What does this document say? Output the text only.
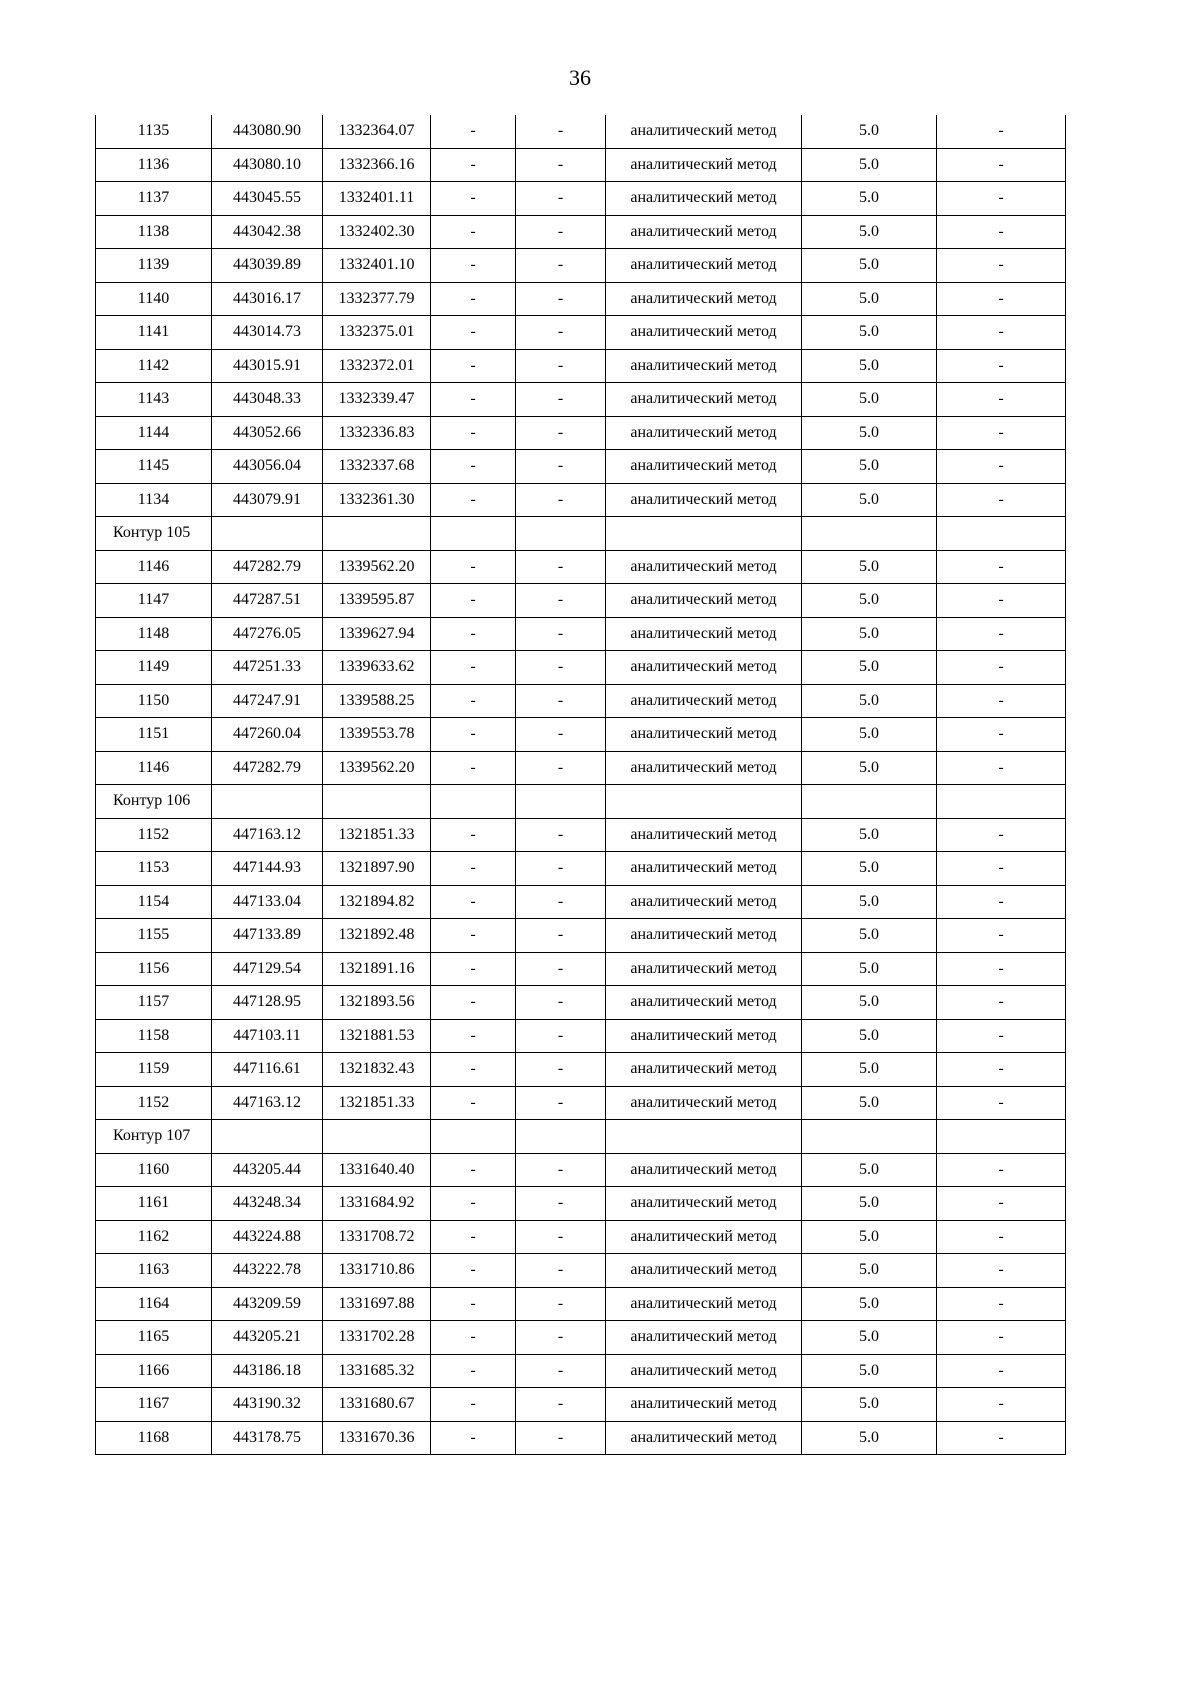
36
1135	443080.90	1332364.07	-	-	аналитический метод	5.0	-
1136	443080.10	1332366.16	-	-	аналитический метод	5.0	-
1137	443045.55	1332401.11	-	-	аналитический метод	5.0	-
1138	443042.38	1332402.30	-	-	аналитический метод	5.0	-
1139	443039.89	1332401.10	-	-	аналитический метод	5.0	-
1140	443016.17	1332377.79	-	-	аналитический метод	5.0	-
1141	443014.73	1332375.01	-	-	аналитический метод	5.0	-
1142	443015.91	1332372.01	-	-	аналитический метод	5.0	-
1143	443048.33	1332339.47	-	-	аналитический метод	5.0	-
1144	443052.66	1332336.83	-	-	аналитический метод	5.0	-
1145	443056.04	1332337.68	-	-	аналитический метод	5.0	-
1134	443079.91	1332361.30	-	-	аналитический метод	5.0	-
Контур 105							
1146	447282.79	1339562.20	-	-	аналитический метод	5.0	-
1147	447287.51	1339595.87	-	-	аналитический метод	5.0	-
1148	447276.05	1339627.94	-	-	аналитический метод	5.0	-
1149	447251.33	1339633.62	-	-	аналитический метод	5.0	-
1150	447247.91	1339588.25	-	-	аналитический метод	5.0	-
1151	447260.04	1339553.78	-	-	аналитический метод	5.0	-
1146	447282.79	1339562.20	-	-	аналитический метод	5.0	-
Контур 106							
1152	447163.12	1321851.33	-	-	аналитический метод	5.0	-
1153	447144.93	1321897.90	-	-	аналитический метод	5.0	-
1154	447133.04	1321894.82	-	-	аналитический метод	5.0	-
1155	447133.89	1321892.48	-	-	аналитический метод	5.0	-
1156	447129.54	1321891.16	-	-	аналитический метод	5.0	-
1157	447128.95	1321893.56	-	-	аналитический метод	5.0	-
1158	447103.11	1321881.53	-	-	аналитический метод	5.0	-
1159	447116.61	1321832.43	-	-	аналитический метод	5.0	-
1152	447163.12	1321851.33	-	-	аналитический метод	5.0	-
Контур 107							
1160	443205.44	1331640.40	-	-	аналитический метод	5.0	-
1161	443248.34	1331684.92	-	-	аналитический метод	5.0	-
1162	443224.88	1331708.72	-	-	аналитический метод	5.0	-
1163	443222.78	1331710.86	-	-	аналитический метод	5.0	-
1164	443209.59	1331697.88	-	-	аналитический метод	5.0	-
1165	443205.21	1331702.28	-	-	аналитический метод	5.0	-
1166	443186.18	1331685.32	-	-	аналитический метод	5.0	-
1167	443190.32	1331680.67	-	-	аналитический метод	5.0	-
1168	443178.75	1331670.36	-	-	аналитический метод	5.0	-
